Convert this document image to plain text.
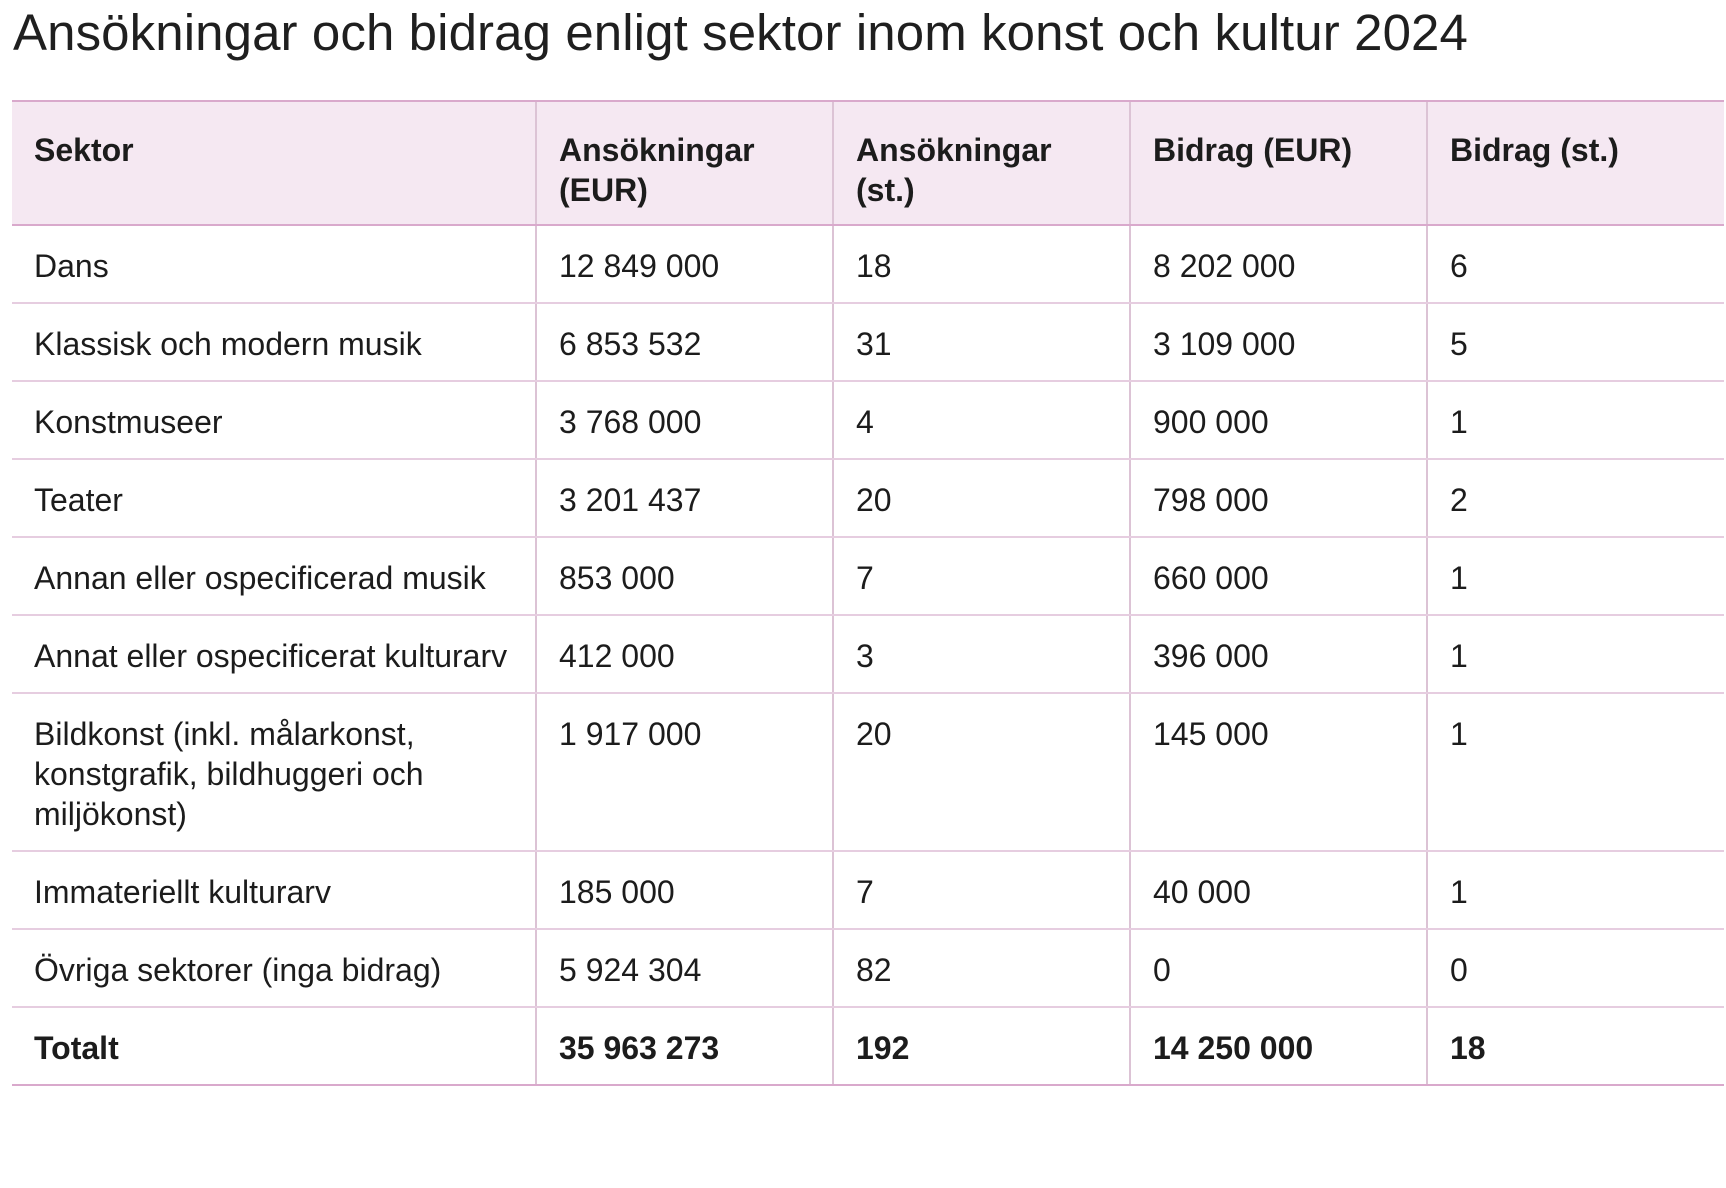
Ansökningar och bidrag enligt sektor inom konst och kultur 2024
Sektor	Ansökningar (EUR)	Ansökningar (st.)	Bidrag (EUR)	Bidrag (st.)
Dans	12 849 000	18	8 202 000	6
Klassisk och modern musik	6 853 532	31	3 109 000	5
Konstmuseer	3 768 000	4	900 000	1
Teater	3 201 437	20	798 000	2
Annan eller ospecificerad musik	853 000	7	660 000	1
Annat eller ospecificerat kulturarv	412 000	3	396 000	1
Bildkonst (inkl. målarkonst, konstgrafik, bildhuggeri och miljökonst)	1 917 000	20	145 000	1
Immateriellt kulturarv	185 000	7	40 000	1
Övriga sektorer (inga bidrag)	5 924 304	82	0	0
Totalt	35 963 273	192	14 250 000	18
